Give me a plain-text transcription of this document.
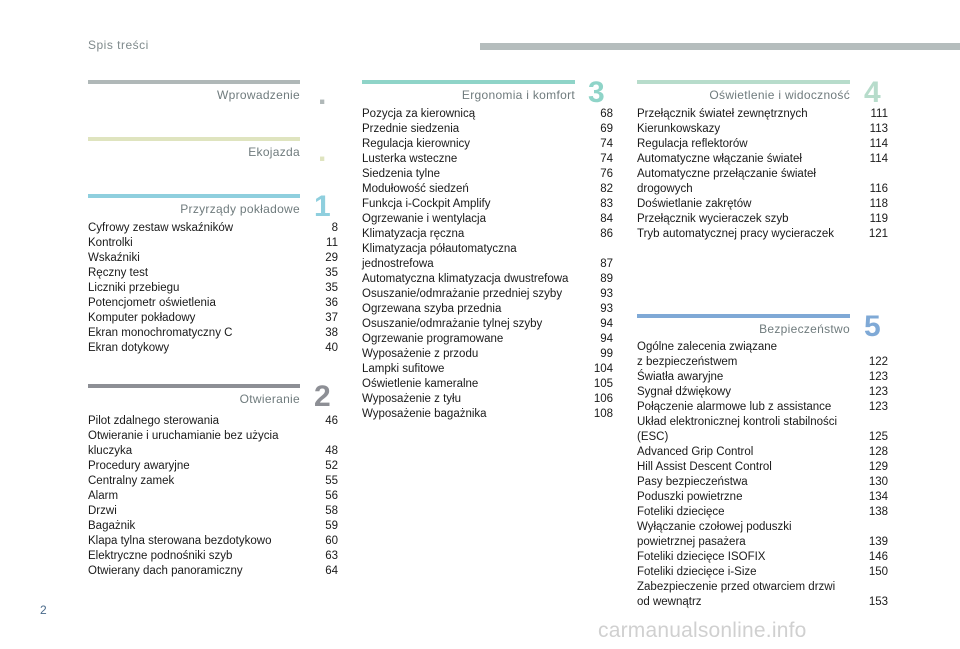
Spis treści
Wprowadzenie .
Ekojazda .
Przyrządy pokładowe 1
Cyfrowy zestaw wskaźników	8
Kontrolki	11
Wskaźniki	29
Ręczny test	35
Liczniki przebiegu	35
Potencjometr oświetlenia	36
Komputer pokładowy	37
Ekran monochromatyczny C	38
Ekran dotykowy	40
Otwieranie 2
Pilot zdalnego sterowania	46
Otwieranie i uruchamianie bez użycia
kluczyka	48
Procedury awaryjne	52
Centralny zamek	55
Alarm	56
Drzwi	58
Bagażnik	59
Klapa tylna sterowana bezdotykowo	60
Elektryczne podnośniki szyb	63
Otwierany dach panoramiczny	64
Ergonomia i komfort 3
Pozycja za kierownicą	68
Przednie siedzenia	69
Regulacja kierownicy	74
Lusterka wsteczne	74
Siedzenia tylne	76
Modułowość siedzeń	82
Funkcja i-Cockpit Amplify	83
Ogrzewanie i wentylacja	84
Klimatyzacja ręczna	86
Klimatyzacja półautomatyczna
jednostrefowa	87
Automatyczna klimatyzacja dwustrefowa	89
Osuszanie/odmrażanie przedniej szyby	93
Ogrzewana szyba przednia	93
Osuszanie/odmrażanie tylnej szyby	94
Ogrzewanie programowane	94
Wyposażenie z przodu	99
Lampki sufitowe	104
Oświetlenie kameralne	105
Wyposażenie z tyłu	106
Wyposażenie bagażnika	108
Oświetlenie i widoczność 4
Przełącznik świateł zewnętrznych	111
Kierunkowskazy	113
Regulacja reflektorów	114
Automatyczne włączanie świateł	114
Automatyczne przełączanie świateł
drogowych	116
Doświetlanie zakrętów	118
Przełącznik wycieraczek szyb	119
Tryb automatycznej pracy wycieraczek	121
Bezpieczeństwo 5
Ogólne zalecenia związane
z bezpieczeństwem	122
Światła awaryjne	123
Sygnał dźwiękowy	123
Połączenie alarmowe lub z assistance	123
Układ elektronicznej kontroli stabilności
(ESC)	125
Advanced Grip Control	128
Hill Assist Descent Control	129
Pasy bezpieczeństwa	130
Poduszki powietrzne	134
Foteliki dziecięce	138
Wyłączanie czołowej poduszki
powietrznej pasażera	139
Foteliki dziecięce ISOFIX	146
Foteliki dziecięce i-Size	150
Zabezpieczenie przed otwarciem drzwi
od wewnątrz	153
2
carmanualsonline.info
